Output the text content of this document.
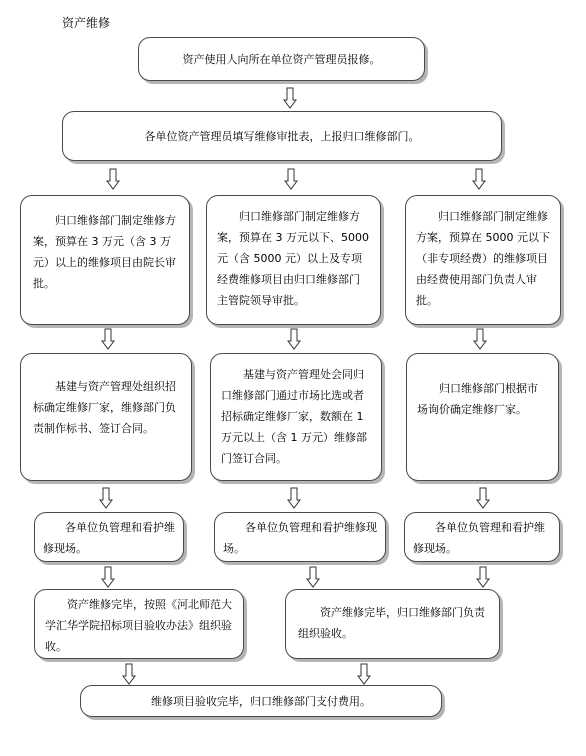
资产维修
资产使用人向所在单位资产管理员报修。
各单位资产管理员填写维修审批表，上报归口维修部门。
归口维修部门制定维修方案，预算在 3 万元（含 3 万元）以上的维修项目由院长审批。
归口维修部门制定维修方案，预算在 3 万元以下、5000 元（含 5000 元）以上及专项经费维修项目由归口维修部门主管院领导审批。
归口维修部门制定维修方案，预算在 5000 元以下（非专项经费）的维修项目由经费使用部门负责人审批。
基建与资产管理处组织招标确定维修厂家，维修部门负责制作标书、签订合同。
基建与资产管理处会同归口维修部门通过市场比选或者招标确定维修厂家，数额在 1 万元以上（含 1 万元）维修部门签订合同。
归口维修部门根据市场询价确定维修厂家。
各单位负管理和看护维修现场。
各单位负管理和看护维修现场。
各单位负管理和看护维修现场。
资产维修完毕，按照《河北师范大学汇华学院招标项目验收办法》组织验收。
资产维修完毕，归口维修部门负责组织验收。
维修项目验收完毕，归口维修部门支付费用。
